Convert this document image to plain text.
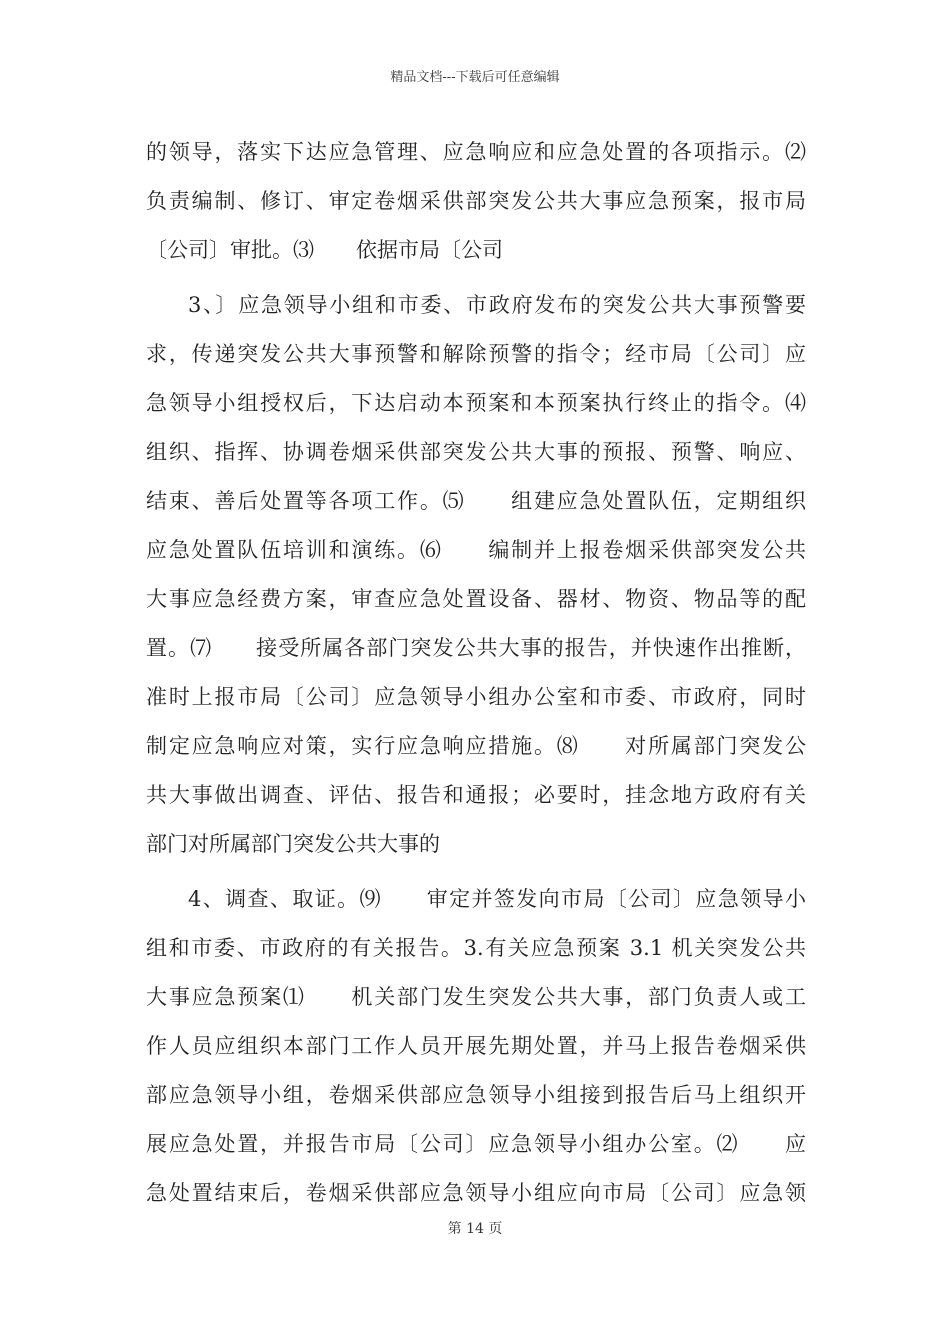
精品文档---下载后可任意编辑
的领导，落实下达应急管理、应急响应和应急处置的各项指示。⑵
负责编制、修订、审定卷烟采供部突发公共大事应急预案，报市局
〔公司〕审批。⑶　　依据市局〔公司
3、〕应急领导小组和市委、市政府发布的突发公共大事预警要
求，传递突发公共大事预警和解除预警的指令；经市局〔公司〕应
急领导小组授权后，下达启动本预案和本预案执行终止的指令。⑷
组织、指挥、协调卷烟采供部突发公共大事的预报、预警、响应、
结束、善后处置等各项工作。⑸　　组建应急处置队伍，定期组织
应急处置队伍培训和演练。⑹　　编制并上报卷烟采供部突发公共
大事应急经费方案，审查应急处置设备、器材、物资、物品等的配
置。⑺　　接受所属各部门突发公共大事的报告，并快速作出推断，
准时上报市局〔公司〕应急领导小组办公室和市委、市政府，同时
制定应急响应对策，实行应急响应措施。⑻　　对所属部门突发公
共大事做出调查、评估、报告和通报；必要时，挂念地方政府有关
部门对所属部门突发公共大事的
4、调查、取证。⑼　　审定并签发向市局〔公司〕应急领导小
组和市委、市政府的有关报告。3.有关应急预案 3.1 机关突发公共
大事应急预案⑴　　机关部门发生突发公共大事，部门负责人或工
作人员应组织本部门工作人员开展先期处置，并马上报告卷烟采供
部应急领导小组，卷烟采供部应急领导小组接到报告后马上组织开
展应急处置，并报告市局〔公司〕应急领导小组办公室。⑵　　应
急处置结束后，卷烟采供部应急领导小组应向市局〔公司〕应急领
第 14 页
